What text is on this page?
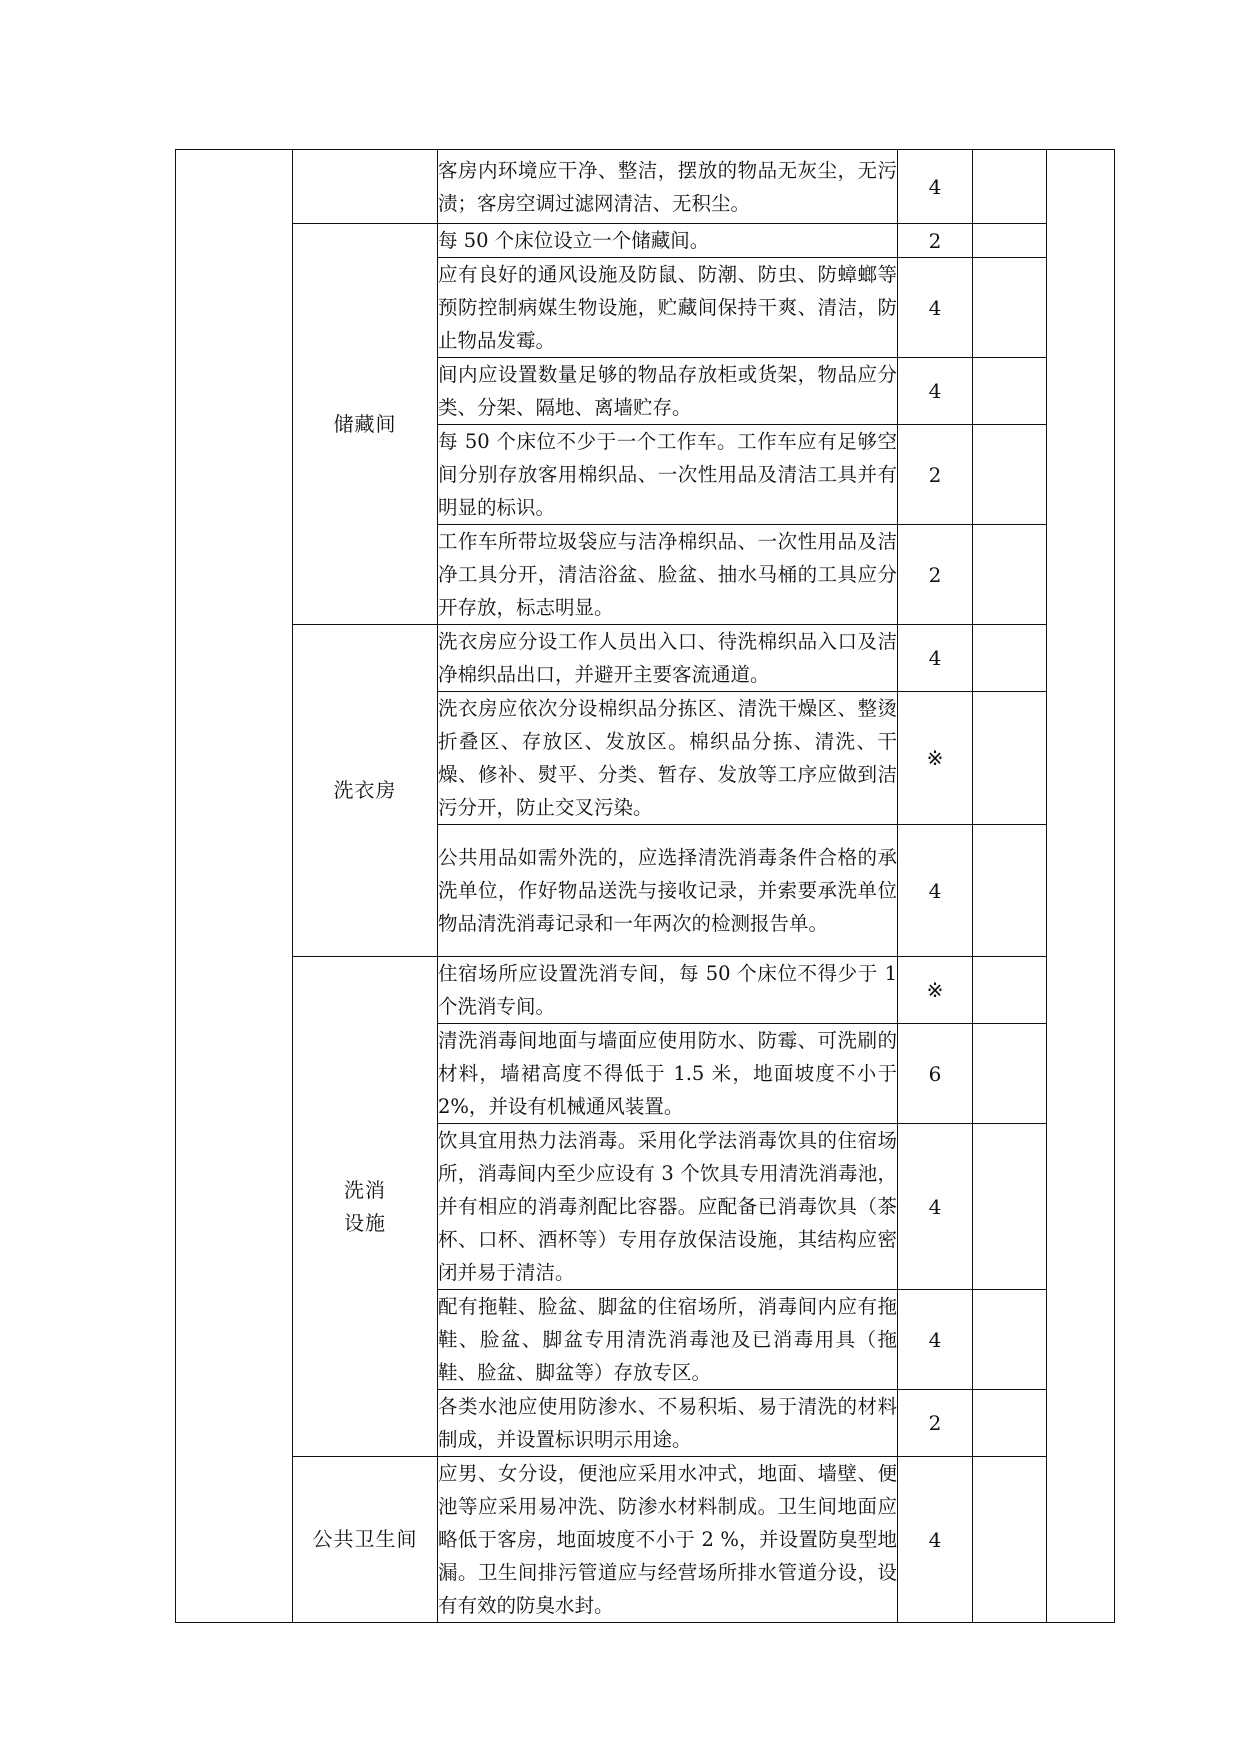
		客房内环境应干净、整洁，摆放的物品无灰尘，无污渍；客房空调过滤网清洁、无积尘。	4		
	储藏间	每 50 个床位设立一个储藏间。	2		
		应有良好的通风设施及防鼠、防潮、防虫、防蟑螂等预防控制病媒生物设施，贮藏间保持干爽、清洁，防止物品发霉。	4		
		间内应设置数量足够的物品存放柜或货架，物品应分类、分架、隔地、离墙贮存。	4		
		每 50 个床位不少于一个工作车。工作车应有足够空间分别存放客用棉织品、一次性用品及清洁工具并有明显的标识。	2		
		工作车所带垃圾袋应与洁净棉织品、一次性用品及洁净工具分开，清洁浴盆、脸盆、抽水马桶的工具应分开存放，标志明显。	2		
	洗衣房	洗衣房应分设工作人员出入口、待洗棉织品入口及洁净棉织品出口，并避开主要客流通道。	4		
		洗衣房应依次分设棉织品分拣区、清洗干燥区、整烫折叠区、存放区、发放区。棉织品分拣、清洗、干燥、修补、熨平、分类、暂存、发放等工序应做到洁污分开，防止交叉污染。	※		
		公共用品如需外洗的，应选择清洗消毒条件合格的承洗单位，作好物品送洗与接收记录，并索要承洗单位物品清洗消毒记录和一年两次的检测报告单。	4		
	洗消设施	住宿场所应设置洗消专间，每 50 个床位不得少于 1 个洗消专间。	※		
		清洗消毒间地面与墙面应使用防水、防霉、可洗刷的材料，墙裙高度不得低于 1.5 米，地面坡度不小于 2%，并设有机械通风装置。	6		
		饮具宜用热力法消毒。采用化学法消毒饮具的住宿场所，消毒间内至少应设有 3 个饮具专用清洗消毒池，并有相应的消毒剂配比容器。应配备已消毒饮具（茶杯、口杯、酒杯等）专用存放保洁设施，其结构应密闭并易于清洁。	4		
		配有拖鞋、脸盆、脚盆的住宿场所，消毒间内应有拖鞋、脸盆、脚盆专用清洗消毒池及已消毒用具（拖鞋、脸盆、脚盆等）存放专区。	4		
		各类水池应使用防渗水、不易积垢、易于清洗的材料制成，并设置标识明示用途。	2		
	公共卫生间	应男、女分设，便池应采用水冲式，地面、墙壁、便池等应采用易冲洗、防渗水材料制成。卫生间地面应略低于客房，地面坡度不小于 2 %，并设置防臭型地漏。卫生间排污管道应与经营场所排水管道分设，设有有效的防臭水封。	4		
